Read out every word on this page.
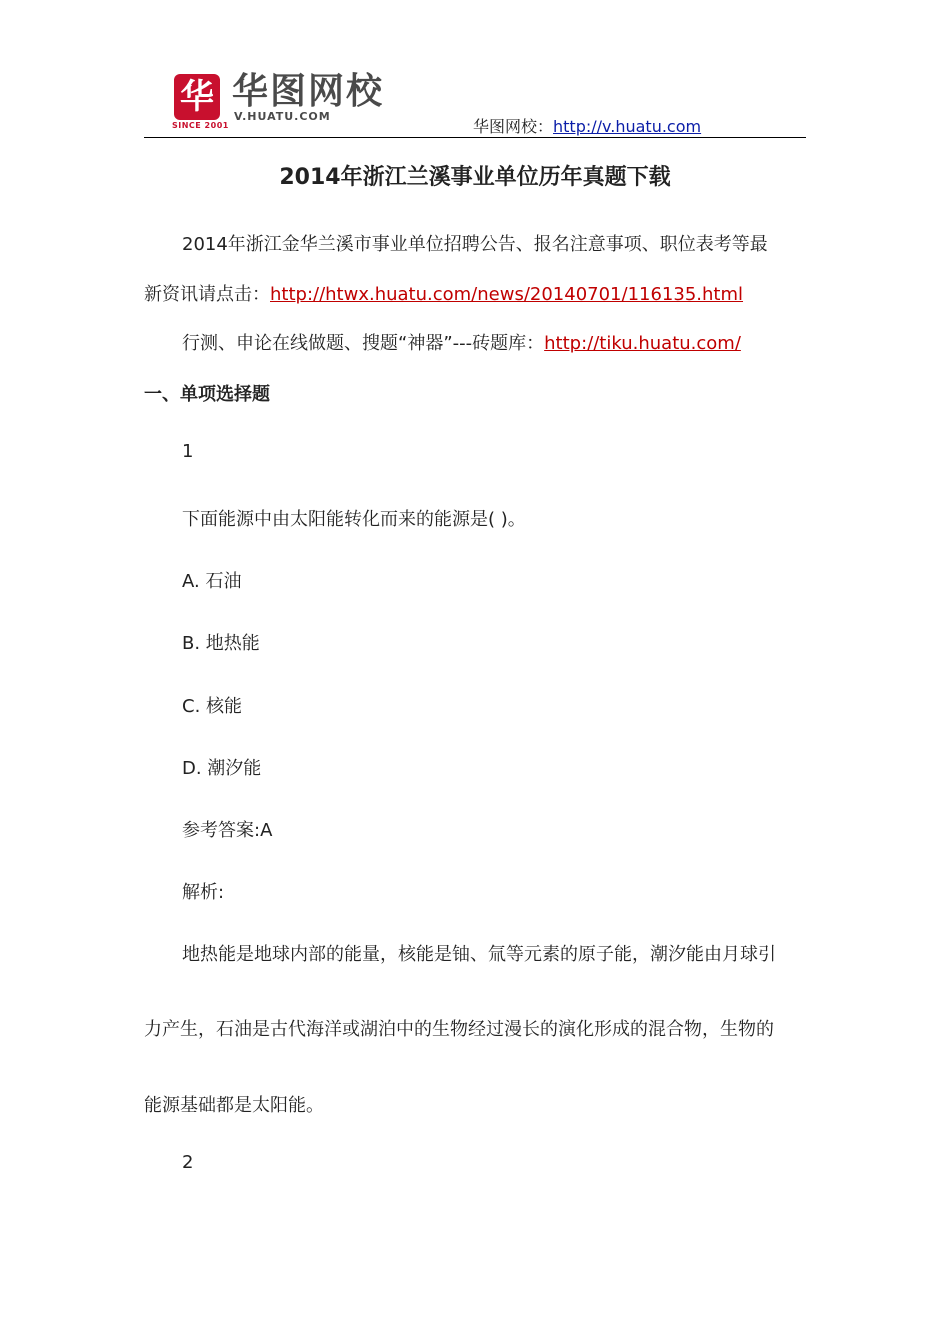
华
SINCE 2001
华图网校
V.HUATU.COM
华图网校：http://v.huatu.com
2014年浙江兰溪事业单位历年真题下载
2014年浙江金华兰溪市事业单位招聘公告、报名注意事项、职位表考等最
新资讯请点击：http://htwx.huatu.com/news/20140701/116135.html
行测、申论在线做题、搜题“神器”---砖题库：http://tiku.huatu.com/
一、单项选择题
1
下面能源中由太阳能转化而来的能源是( )。
A. 石油
B. 地热能
C. 核能
D. 潮汐能
参考答案:A
解析:
地热能是地球内部的能量，核能是铀、氚等元素的原子能，潮汐能由月球引
力产生，石油是古代海洋或湖泊中的生物经过漫长的演化形成的混合物，生物的
能源基础都是太阳能。
2
